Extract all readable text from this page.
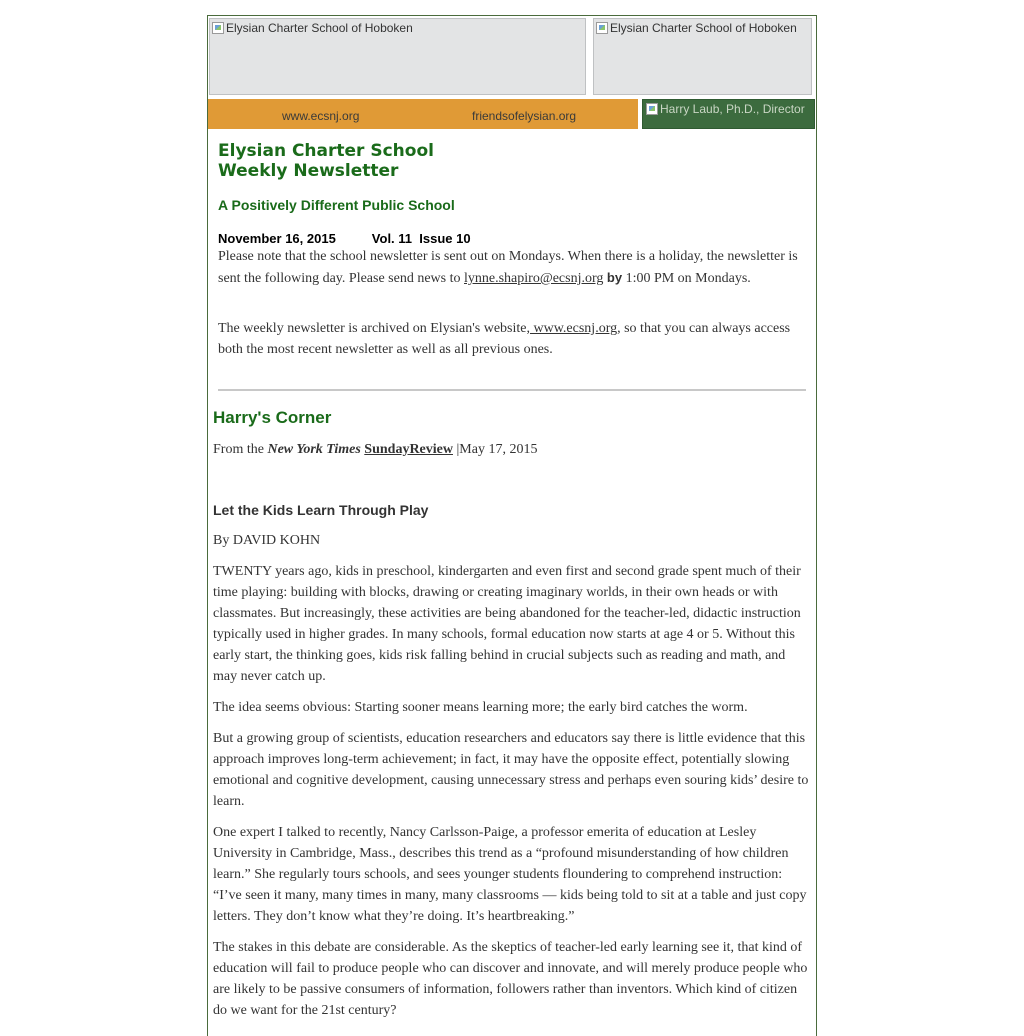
Elysian Charter School of Hoboken	Elysian Charter School of Hoboken
www.ecsnj.org	friendsofelysian.org	Harry Laub, Ph.D., Director
Elysian Charter School
Weekly Newsletter
A Positively Different Public School
November 16, 2015	Vol. 11  Issue 10
Please note that the school newsletter is sent out on Mondays. When there is a holiday, the newsletter is sent the following day. Please send news to lynne.shapiro@ecsnj.org by 1:00 PM on Mondays.
The weekly newsletter is archived on Elysian's website, www.ecsnj.org, so that you can always access both the most recent newsletter as well as all previous ones.
Harry's Corner
From the New York Times SundayReview |May 17, 2015
Let the Kids Learn Through Play
By DAVID KOHN

TWENTY years ago, kids in preschool, kindergarten and even first and second grade spent much of their time playing: building with blocks, drawing or creating imaginary worlds, in their own heads or with classmates. But increasingly, these activities are being abandoned for the teacher-led, didactic instruction typically used in higher grades. In many schools, formal education now starts at age 4 or 5. Without this early start, the thinking goes, kids risk falling behind in crucial subjects such as reading and math, and may never catch up.

The idea seems obvious: Starting sooner means learning more; the early bird catches the worm.

But a growing group of scientists, education researchers and educators say there is little evidence that this approach improves long-term achievement; in fact, it may have the opposite effect, potentially slowing emotional and cognitive development, causing unnecessary stress and perhaps even souring kids’ desire to learn.

One expert I talked to recently, Nancy Carlsson-Paige, a professor emerita of education at Lesley University in Cambridge, Mass., describes this trend as a “profound misunderstanding of how children learn.” She regularly tours schools, and sees younger students floundering to comprehend instruction: “I’ve seen it many, many times in many, many classrooms — kids being told to sit at a table and just copy letters. They don’t know what they’re doing. It’s heartbreaking.”

The stakes in this debate are considerable. As the skeptics of teacher-led early learning see it, that kind of education will fail to produce people who can discover and innovate, and will merely produce people who are likely to be passive consumers of information, followers rather than inventors. Which kind of citizen do we want for the 21st century?
